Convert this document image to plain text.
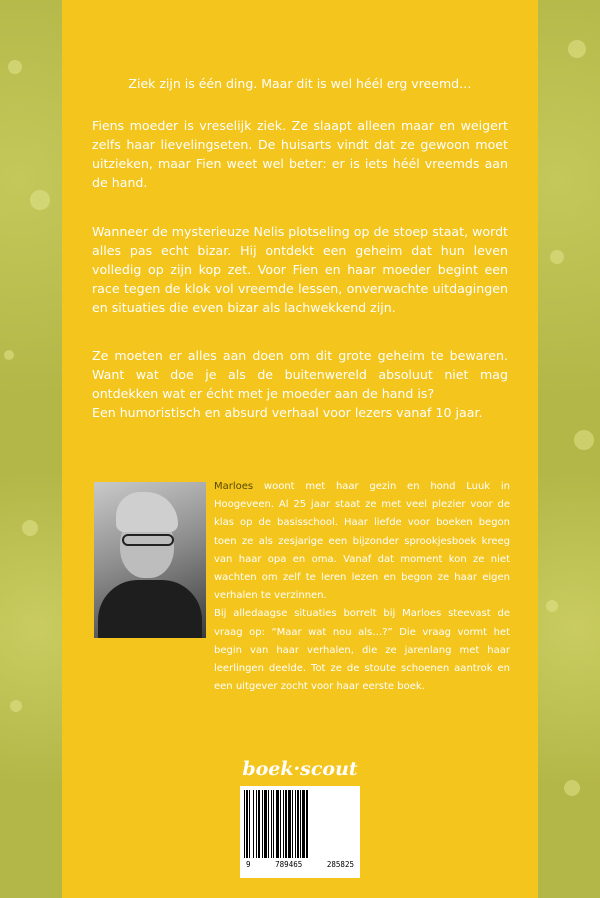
Ziek zijn is één ding. Maar dit is wel héél erg vreemd…

Fiens moeder is vreselijk ziek. Ze slaapt alleen maar en weigert zelfs haar lievelingseten. De huisarts vindt dat ze gewoon moet uitzieken, maar Fien weet wel beter: er is iets héél vreemds aan de hand.

Wanneer de mysterieuze Nelis plotseling op de stoep staat, wordt alles pas echt bizar. Hij ontdekt een geheim dat hun leven volledig op zijn kop zet. Voor Fien en haar moeder begint een race tegen de klok vol vreemde lessen, onverwachte uitdagingen en situaties die even bizar als lachwekkend zijn.

Ze moeten er alles aan doen om dit grote geheim te bewaren. Want wat doe je als de buitenwereld absoluut niet mag ontdekken wat er écht met je moeder aan de hand is?

Een humoristisch en absurd verhaal voor lezers vanaf 10 jaar.

Marloes woont met haar gezin en hond Luuk in Hoogeveen. Al 25 jaar staat ze met veel plezier voor de klas op de basisschool. Haar liefde voor boeken begon toen ze als zesjarige een bijzonder sprookjesboek kreeg van haar opa en oma. Vanaf dat moment kon ze niet wachten om zelf te leren lezen en begon ze haar eigen verhalen te verzinnen.

Bij alledaagse situaties borrelt bij Marloes steevast de vraag op: “Maar wat nou als…?” Die vraag vormt het begin van haar verhalen, die ze jarenlang met haar leerlingen deelde. Tot ze de stoute schoenen aantrok en een uitgever zocht voor haar eerste boek.

boek·scout
9	789465	285825
